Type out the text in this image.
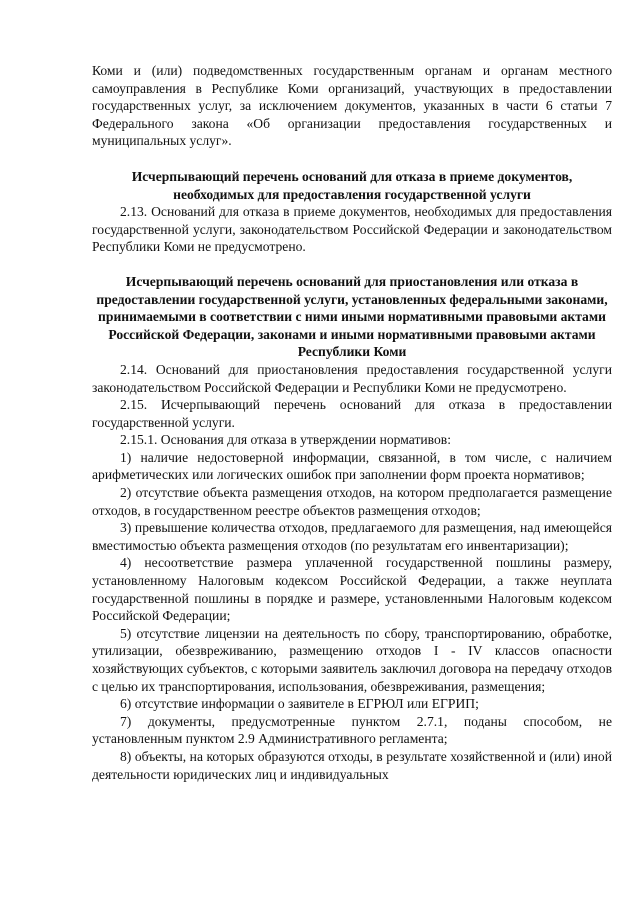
Коми и (или) подведомственных государственным органам и органам местного самоуправления в Республике Коми организаций, участвующих в предоставлении государственных услуг, за исключением документов, указанных в части 6 статьи 7 Федерального закона «Об организации предоставления государственных и муниципальных услуг».

Исчерпывающий перечень оснований для отказа в приеме документов, необходимых для предоставления государственной услуги

2.13. Оснований для отказа в приеме документов, необходимых для предоставления государственной услуги, законодательством Российской Федерации и законодательством Республики Коми не предусмотрено.

Исчерпывающий перечень оснований для приостановления или отказа в предоставлении государственной услуги, установленных федеральными законами, принимаемыми в соответствии с ними иными нормативными правовыми актами Российской Федерации, законами и иными нормативными правовыми актами Республики Коми

2.14. Оснований для приостановления предоставления государственной услуги законодательством Российской Федерации и Республики Коми не предусмотрено.

2.15. Исчерпывающий перечень оснований для отказа в предоставлении государственной услуги.

2.15.1. Основания для отказа в утверждении нормативов:

1) наличие недостоверной информации, связанной, в том числе, с наличием арифметических или логических ошибок при заполнении форм проекта нормативов;

2) отсутствие объекта размещения отходов, на котором предполагается размещение отходов, в государственном реестре объектов размещения отходов;

3) превышение количества отходов, предлагаемого для размещения, над имеющейся вместимостью объекта размещения отходов (по результатам его инвентаризации);

4) несоответствие размера уплаченной государственной пошлины размеру, установленному Налоговым кодексом Российской Федерации, а также неуплата государственной пошлины в порядке и размере, установленными Налоговым кодексом Российской Федерации;

5) отсутствие лицензии на деятельность по сбору, транспортированию, обработке, утилизации, обезвреживанию, размещению отходов I - IV классов опасности хозяйствующих субъектов, с которыми заявитель заключил договора на передачу отходов с целью их транспортирования, использования, обезвреживания, размещения;

6) отсутствие информации о заявителе в ЕГРЮЛ или ЕГРИП;

7) документы, предусмотренные пунктом 2.7.1, поданы способом, не установленным пунктом 2.9 Административного регламента;

8) объекты, на которых образуются отходы, в результате хозяйственной и (или) иной деятельности юридических лиц и индивидуальных
